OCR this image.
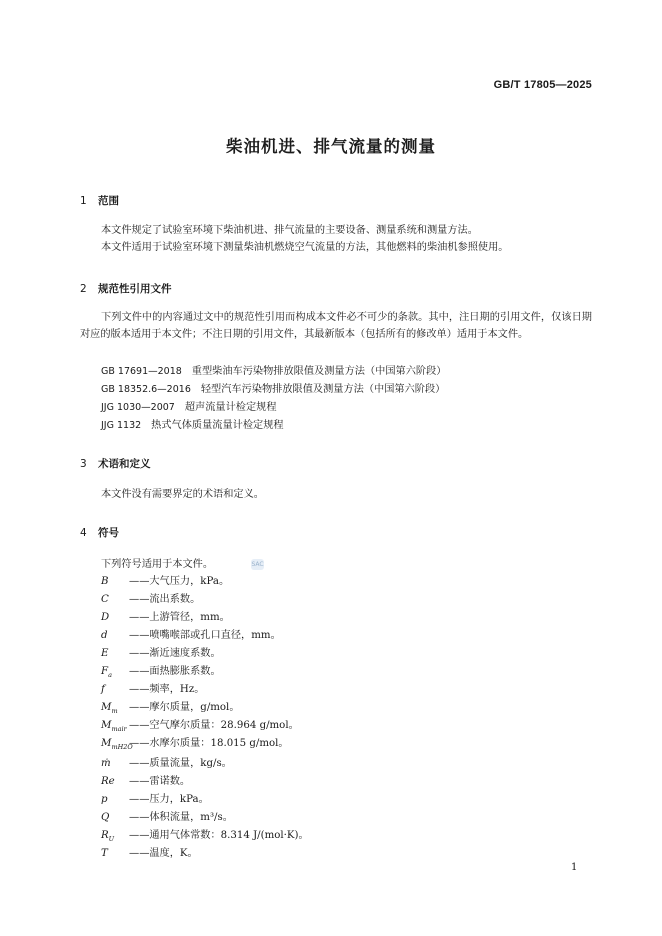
GB/T 17805—2025
柴油机进、排气流量的测量
1 范围

本文件规定了试验室环境下柴油机进、排气流量的主要设备、测量系统和测量方法。

本文件适用于试验室环境下测量柴油机燃烧空气流量的方法，其他燃料的柴油机参照使用。

2 规范性引用文件

下列文件中的内容通过文中的规范性引用而构成本文件必不可少的条款。其中，注日期的引用文件，仅该日期对应的版本适用于本文件；不注日期的引用文件，其最新版本（包括所有的修改单）适用于本文件。

GB 17691—2018 重型柴油车污染物排放限值及测量方法（中国第六阶段）
GB 18352.6—2016 轻型汽车污染物排放限值及测量方法（中国第六阶段）
JJG 1030—2007 超声流量计检定规程
JJG 1132 热式气体质量流量计检定规程
3 术语和定义

本文件没有需要界定的术语和定义。

4 符号

下列符号适用于本文件。	SAC
B ——大气压力，kPa。
C ——流出系数。
D ——上游管径，mm。
d ——喷嘴喉部或孔口直径，mm。
E ——渐近速度系数。
$F_a$ ——面热膨胀系数。
f ——频率，Hz。
$M_m$ ——摩尔质量，g/mol。
$M_{mair}$ ——空气摩尔质量：28.964 g/mol。
$M_{mH2O}——$水摩尔质量：18.015 g/mol。
ṁ ——质量流量，kg/s。
Re ——雷诺数。
p ——压力，kPa。
Q ——体积流量，m³/s。
$R_U$ ——通用气体常数：8.314 J/(mol·K)。
T ——温度，K。
1
